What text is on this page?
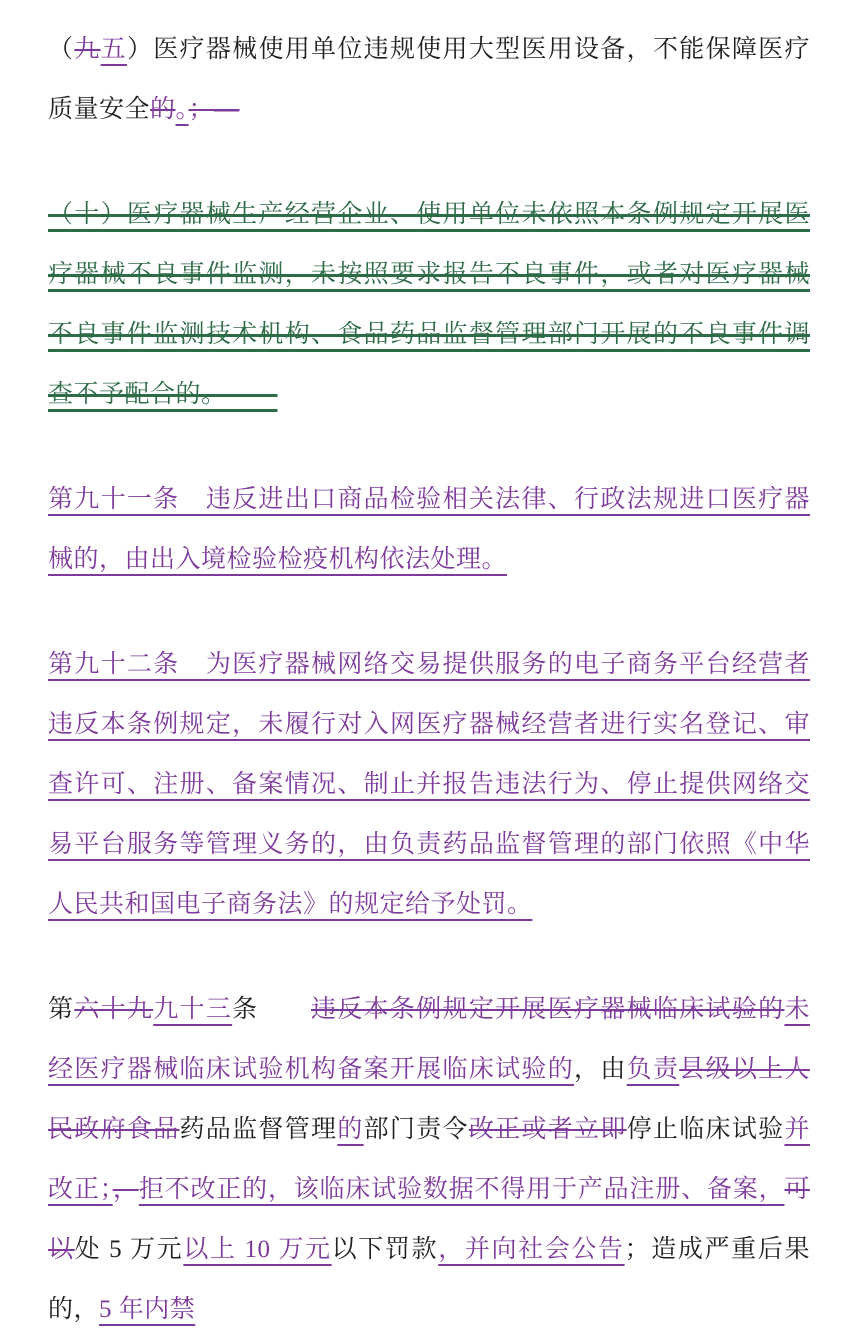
（九五）医疗器械使用单位违规使用大型医用设备，不能保障医疗质量安全的。；—

（十）医疗器械生产经营企业、使用单位未依照本条例规定开展医疗器械不良事件监测，未按照要求报告不良事件，或者对医疗器械不良事件监测技术机构、食品药品监督管理部门开展的不良事件调查不予配合的。——

第九十一条　违反进出口商品检验相关法律、行政法规进口医疗器械的，由出入境检验检疫机构依法处理。

第九十二条　为医疗器械网络交易提供服务的电子商务平台经营者违反本条例规定，未履行对入网医疗器械经营者进行实名登记、审查许可、注册、备案情况、制止并报告违法行为、停止提供网络交易平台服务等管理义务的，由负责药品监督管理的部门依照《中华人民共和国电子商务法》的规定给予处罚。

第六十九九十三条　　违反本条例规定开展医疗器械临床试验的未经医疗器械临床试验机构备案开展临床试验的，由负责县级以上人民政府食品药品监督管理的部门责令改正或者立即停止临床试验并改正；，拒不改正的，该临床试验数据不得用于产品注册、备案，可以处 5 万元以上 10 万元以下罚款，并向社会公告；造成严重后果的，5 年内禁
